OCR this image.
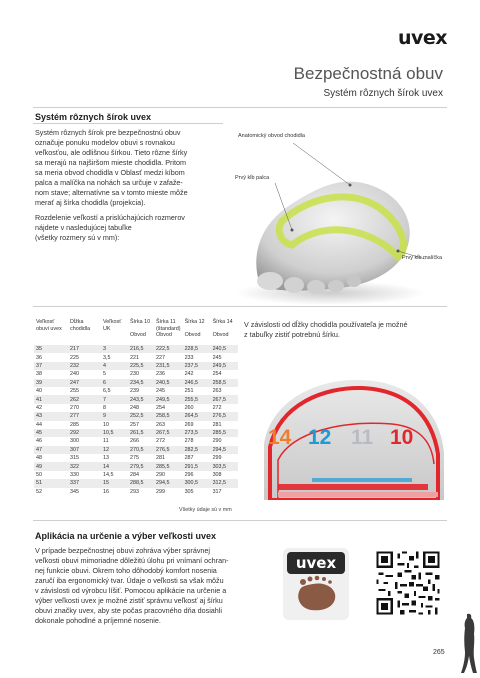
uvex
Bezpečnostná obuv
Systém rôznych šírok uvex
Systém rôznych šírok uvex
Systém rôznych šírok pre bezpečnostnú obuv
označuje ponuku modelov obuvi s rovnakou
veľkosťou, ale odlišnou šírkou. Tieto rôzne šírky
sa merajú na najširšom mieste chodidla. Pritom
sa meria obvod chodidla v Oblasť medzi kíbom
palca a malíčka na nohách sa určuje v zafaže-
nom stave; alternatívne sa v tomto mieste môže
merať aj šírka chodidla (projekcia).
Rozdelenie veľkostí a prislúchajúcich rozmerov
nájdete v nasledujúcej tabuľke
(všetky rozmery sú v mm):
Anatomický obvod chodidla
Prvý kĺb palca
Prvý kĺb malíčka
Veľkosť obuvi uvex	Dĺžka chodidla	Veľkosť UK	Šírka 10	Šírka 11 (štandard)	Šírka 12	Šírka 14
			Obvod	Obvod	Obvod	Obvod
35	217	3	216,5	222,5	228,5	240,5
36	225	3,5	221	227	233	245
37	232	4	225,5	231,5	237,5	249,5
38	240	5	230	236	242	254
39	247	6	234,5	240,5	246,5	258,5
40	255	6,5	239	245	251	263
41	262	7	243,5	249,5	255,5	267,5
42	270	8	248	254	260	272
43	277	9	252,5	258,5	264,5	276,5
44	285	10	257	263	269	281
45	292	10,5	261,5	267,5	273,5	285,5
46	300	11	266	272	278	290
47	307	12	270,5	276,5	282,5	294,5
48	315	13	275	281	287	299
49	322	14	279,5	285,5	291,5	303,5
50	330	14,5	284	290	296	308
51	337	15	288,5	294,5	300,5	312,5
52	345	16	293	299	305	317
Všetky údaje sú v mm
V závislosti od dĺžky chodidla používateľa je možné
z tabuľky zistiť potrebnú šírku.
14 12 11 10
Aplikácia na určenie a výber veľkosti uvex
V prípade bezpečnostnej obuvi zohráva výber správnej
veľkosti obuvi mimoriadne dôležitú úlohu pri vnímaní ochran-
nej funkcie obuvi. Okrem toho dôhodobý komfort nosenia
zaručí iba ergonomický tvar. Údaje o veľkosti sa však môžu
v závislosti od výrobcu líšiť. Pomocou aplikácie na určenie a
výber veľkosti uvex je možné zistiť správnu veľkosť aj šírku
obuvi značky uvex, aby ste počas pracovného dňa dosiahli
dokonale pohodlné a príjemné nosenie.
uvex
265
